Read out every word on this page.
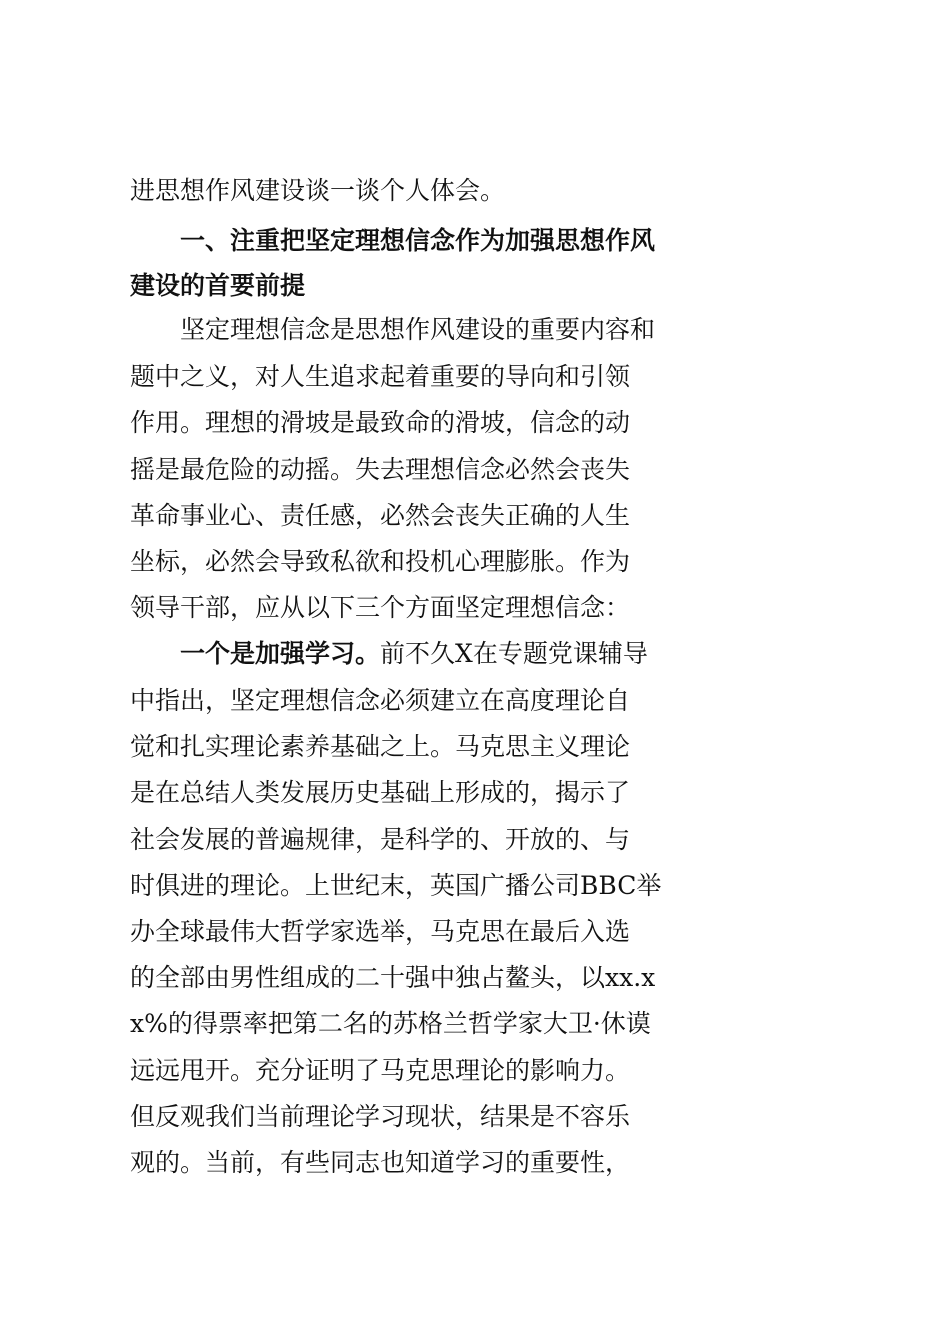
进思想作风建设谈一谈个人体会。
一、注重把坚定理想信念作为加强思想作风
建设的首要前提
坚定理想信念是思想作风建设的重要内容和
题中之义，对人生追求起着重要的导向和引领
作用。理想的滑坡是最致命的滑坡，信念的动
摇是最危险的动摇。失去理想信念必然会丧失
革命事业心、责任感，必然会丧失正确的人生
坐标，必然会导致私欲和投机心理膨胀。作为
领导干部，应从以下三个方面坚定理想信念：
一个是加强学习。前不久X在专题党课辅导
中指出，坚定理想信念必须建立在高度理论自
觉和扎实理论素养基础之上。马克思主义理论
是在总结人类发展历史基础上形成的，揭示了
社会发展的普遍规律，是科学的、开放的、与
时俱进的理论。上世纪末，英国广播公司BBC举
办全球最伟大哲学家选举，马克思在最后入选
的全部由男性组成的二十强中独占鳌头，以xx.x
x%的得票率把第二名的苏格兰哲学家大卫·休谟
远远甩开。充分证明了马克思理论的影响力。
但反观我们当前理论学习现状，结果是不容乐
观的。当前，有些同志也知道学习的重要性，
